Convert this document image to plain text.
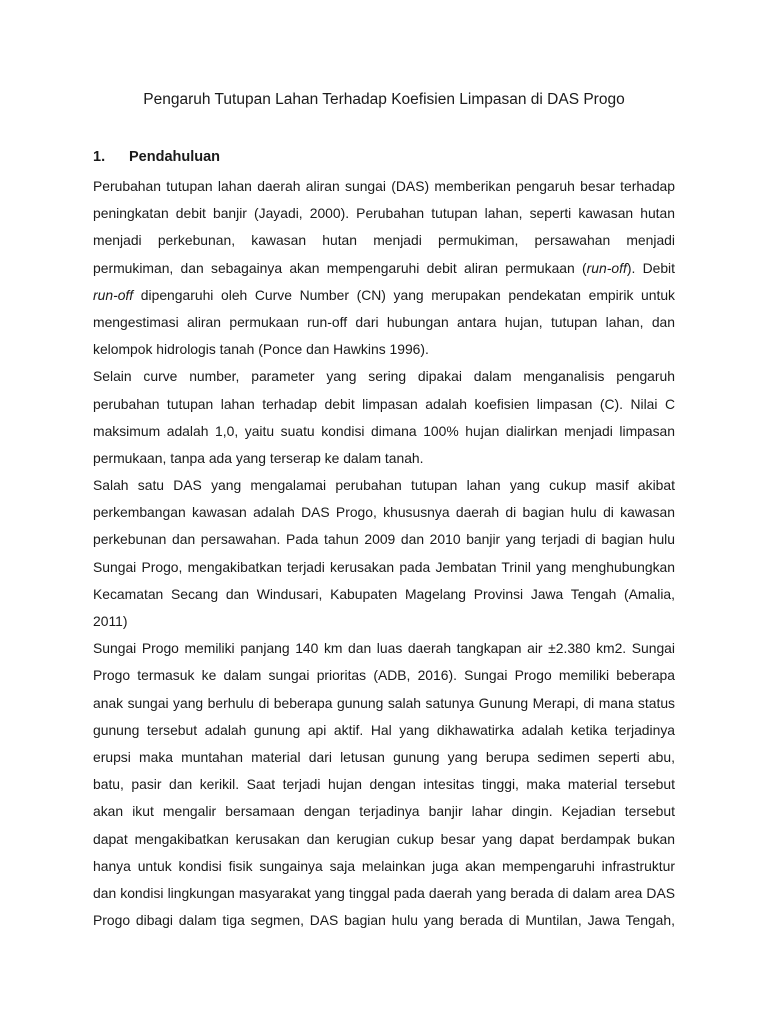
Pengaruh Tutupan Lahan Terhadap Koefisien Limpasan di DAS Progo
1. Pendahuluan
Perubahan tutupan lahan daerah aliran sungai (DAS) memberikan pengaruh besar terhadap
peningkatan debit banjir (Jayadi, 2000). Perubahan tutupan lahan, seperti kawasan hutan
menjadi perkebunan, kawasan hutan menjadi permukiman, persawahan menjadi
permukiman, dan sebagainya akan mempengaruhi debit aliran permukaan (run-off). Debit
run-off dipengaruhi oleh Curve Number (CN) yang merupakan pendekatan empirik untuk
mengestimasi aliran permukaan run-off dari hubungan antara hujan, tutupan lahan, dan
kelompok hidrologis tanah (Ponce dan Hawkins 1996).
Selain curve number, parameter yang sering dipakai dalam menganalisis pengaruh
perubahan tutupan lahan terhadap debit limpasan adalah koefisien limpasan (C). Nilai C
maksimum adalah 1,0, yaitu suatu kondisi dimana 100% hujan dialirkan menjadi limpasan
permukaan, tanpa ada yang terserap ke dalam tanah.
Salah satu DAS yang mengalamai perubahan tutupan lahan yang cukup masif akibat
perkembangan kawasan adalah DAS Progo, khususnya daerah di bagian hulu di kawasan
perkebunan dan persawahan. Pada tahun 2009 dan 2010 banjir yang terjadi di bagian hulu
Sungai Progo, mengakibatkan terjadi kerusakan pada Jembatan Trinil yang menghubungkan
Kecamatan Secang dan Windusari, Kabupaten Magelang Provinsi Jawa Tengah (Amalia,
2011)
Sungai Progo memiliki panjang 140 km dan luas daerah tangkapan air ±2.380 km2. Sungai
Progo termasuk ke dalam sungai prioritas (ADB, 2016). Sungai Progo memiliki beberapa
anak sungai yang berhulu di beberapa gunung salah satunya Gunung Merapi, di mana status
gunung tersebut adalah gunung api aktif. Hal yang dikhawatirka adalah ketika terjadinya
erupsi maka muntahan material dari letusan gunung yang berupa sedimen seperti abu,
batu, pasir dan kerikil. Saat terjadi hujan dengan intesitas tinggi, maka material tersebut
akan ikut mengalir bersamaan dengan terjadinya banjir lahar dingin. Kejadian tersebut
dapat mengakibatkan kerusakan dan kerugian cukup besar yang dapat berdampak bukan
hanya untuk kondisi fisik sungainya saja melainkan juga akan mempengaruhi infrastruktur
dan kondisi lingkungan masyarakat yang tinggal pada daerah yang berada di dalam area DAS
Progo dibagi dalam tiga segmen, DAS bagian hulu yang berada di Muntilan, Jawa Tengah,
